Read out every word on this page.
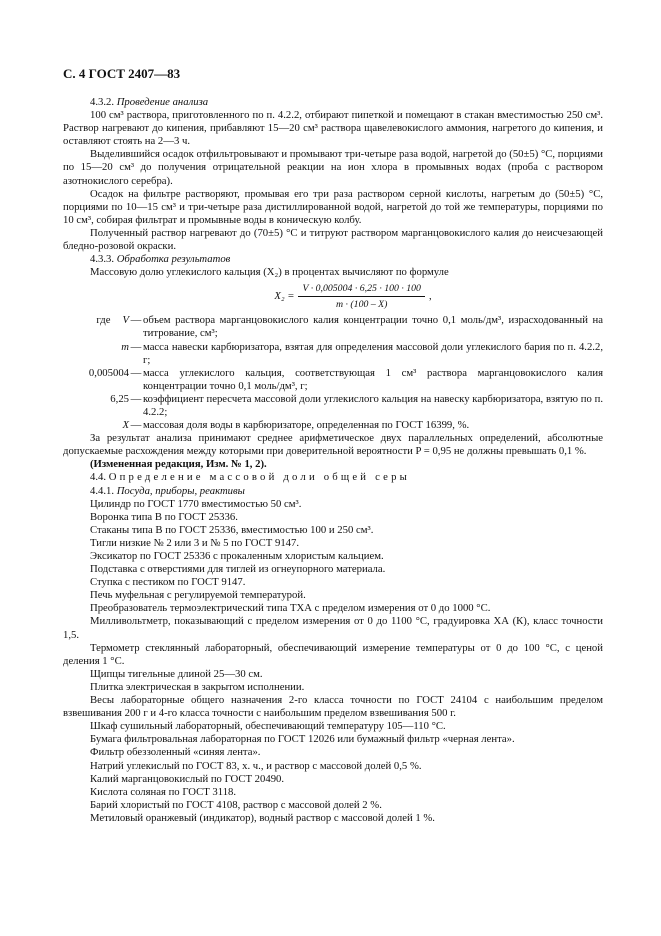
С. 4 ГОСТ 2407—83

4.3.2. Проведение анализа

100 см³ раствора, приготовленного по п. 4.2.2, отбирают пипеткой и помещают в стакан вместимостью 250 см³. Раствор нагревают до кипения, прибавляют 15—20 см³ раствора щавелевокислого аммония, нагретого до кипения, и оставляют стоять на 2—3 ч.

Выделившийся осадок отфильтровывают и промывают три-четыре раза водой, нагретой до (50±5) °С, порциями по 15—20 см³ до получения отрицательной реакции на ион хлора в промывных водах (проба с раствором азотнокислого серебра).

Осадок на фильтре растворяют, промывая его три раза раствором серной кислоты, нагретым до (50±5) °С, порциями по 10—15 см³ и три-четыре раза дистиллированной водой, нагретой до той же температуры, порциями по 10 см³, собирая фильтрат и промывные воды в коническую колбу.

Полученный раствор нагревают до (70±5) °С и титруют раствором марганцовокислого калия до неисчезающей бледно-розовой окраски.

4.3.3. Обработка результатов

Массовую долю углекислого кальция (X₂) в процентах вычисляют по формуле

$X_2 = \frac{V \cdot 0,005004 \cdot 6,25 \cdot 100 \cdot 100}{m \cdot (100 - X)}$ ,
где V — объем раствора марганцовокислого калия концентрации точно 0,1 моль/дм³, израсходованный на титрование, см³;
m — масса навески карбюризатора, взятая для определения массовой доли углекислого бария по п. 4.2.2, г;
0,005004 — масса углекислого кальция, соответствующая 1 см³ раствора марганцовокислого калия концентрации точно 0,1 моль/дм³, г;
6,25 — коэффициент пересчета массовой доли углекислого кальция на навеску карбюризатора, взятую по п. 4.2.2;
X — массовая доля воды в карбюризаторе, определенная по ГОСТ 16399, %.

За результат анализа принимают среднее арифметическое двух параллельных определений, абсолютные допускаемые расхождения между которыми при доверительной вероятности P = 0,95 не должны превышать 0,1 %.

(Измененная редакция, Изм. № 1, 2).

4.4. Определение массовой доли общей серы

4.4.1. Посуда, приборы, реактивы

Цилиндр по ГОСТ 1770 вместимостью 50 см³.

Воронка типа В по ГОСТ 25336.

Стаканы типа В по ГОСТ 25336, вместимостью 100 и 250 см³.

Тигли низкие № 2 или 3 и № 5 по ГОСТ 9147.

Эксикатор по ГОСТ 25336 с прокаленным хлористым кальцием.

Подставка с отверстиями для тиглей из огнеупорного материала.

Ступка с пестиком по ГОСТ 9147.

Печь муфельная с регулируемой температурой.

Преобразователь термоэлектрический типа ТХА с пределом измерения от 0 до 1000 °С.

Милливольтметр, показывающий с пределом измерения от 0 до 1100 °С, градуировка ХА (К), класс точности 1,5.

Термометр стеклянный лабораторный, обеспечивающий измерение температуры от 0 до 100 °С, с ценой деления 1 °С.

Щипцы тигельные длиной 25—30 см.

Плитка электрическая в закрытом исполнении.

Весы лабораторные общего назначения 2-го класса точности по ГОСТ 24104 с наибольшим пределом взвешивания 200 г и 4-го класса точности с наибольшим пределом взвешивания 500 г.

Шкаф сушильный лабораторный, обеспечивающий температуру 105—110 °С.

Бумага фильтровальная лабораторная по ГОСТ 12026 или бумажный фильтр «черная лента».

Фильтр обеззоленный «синяя лента».

Натрий углекислый по ГОСТ 83, х. ч., и раствор с массовой долей 0,5 %.

Калий марганцовокислый по ГОСТ 20490.

Кислота соляная по ГОСТ 3118.

Барий хлористый по ГОСТ 4108, раствор с массовой долей 2 %.

Метиловый оранжевый (индикатор), водный раствор с массовой долей 1 %.
